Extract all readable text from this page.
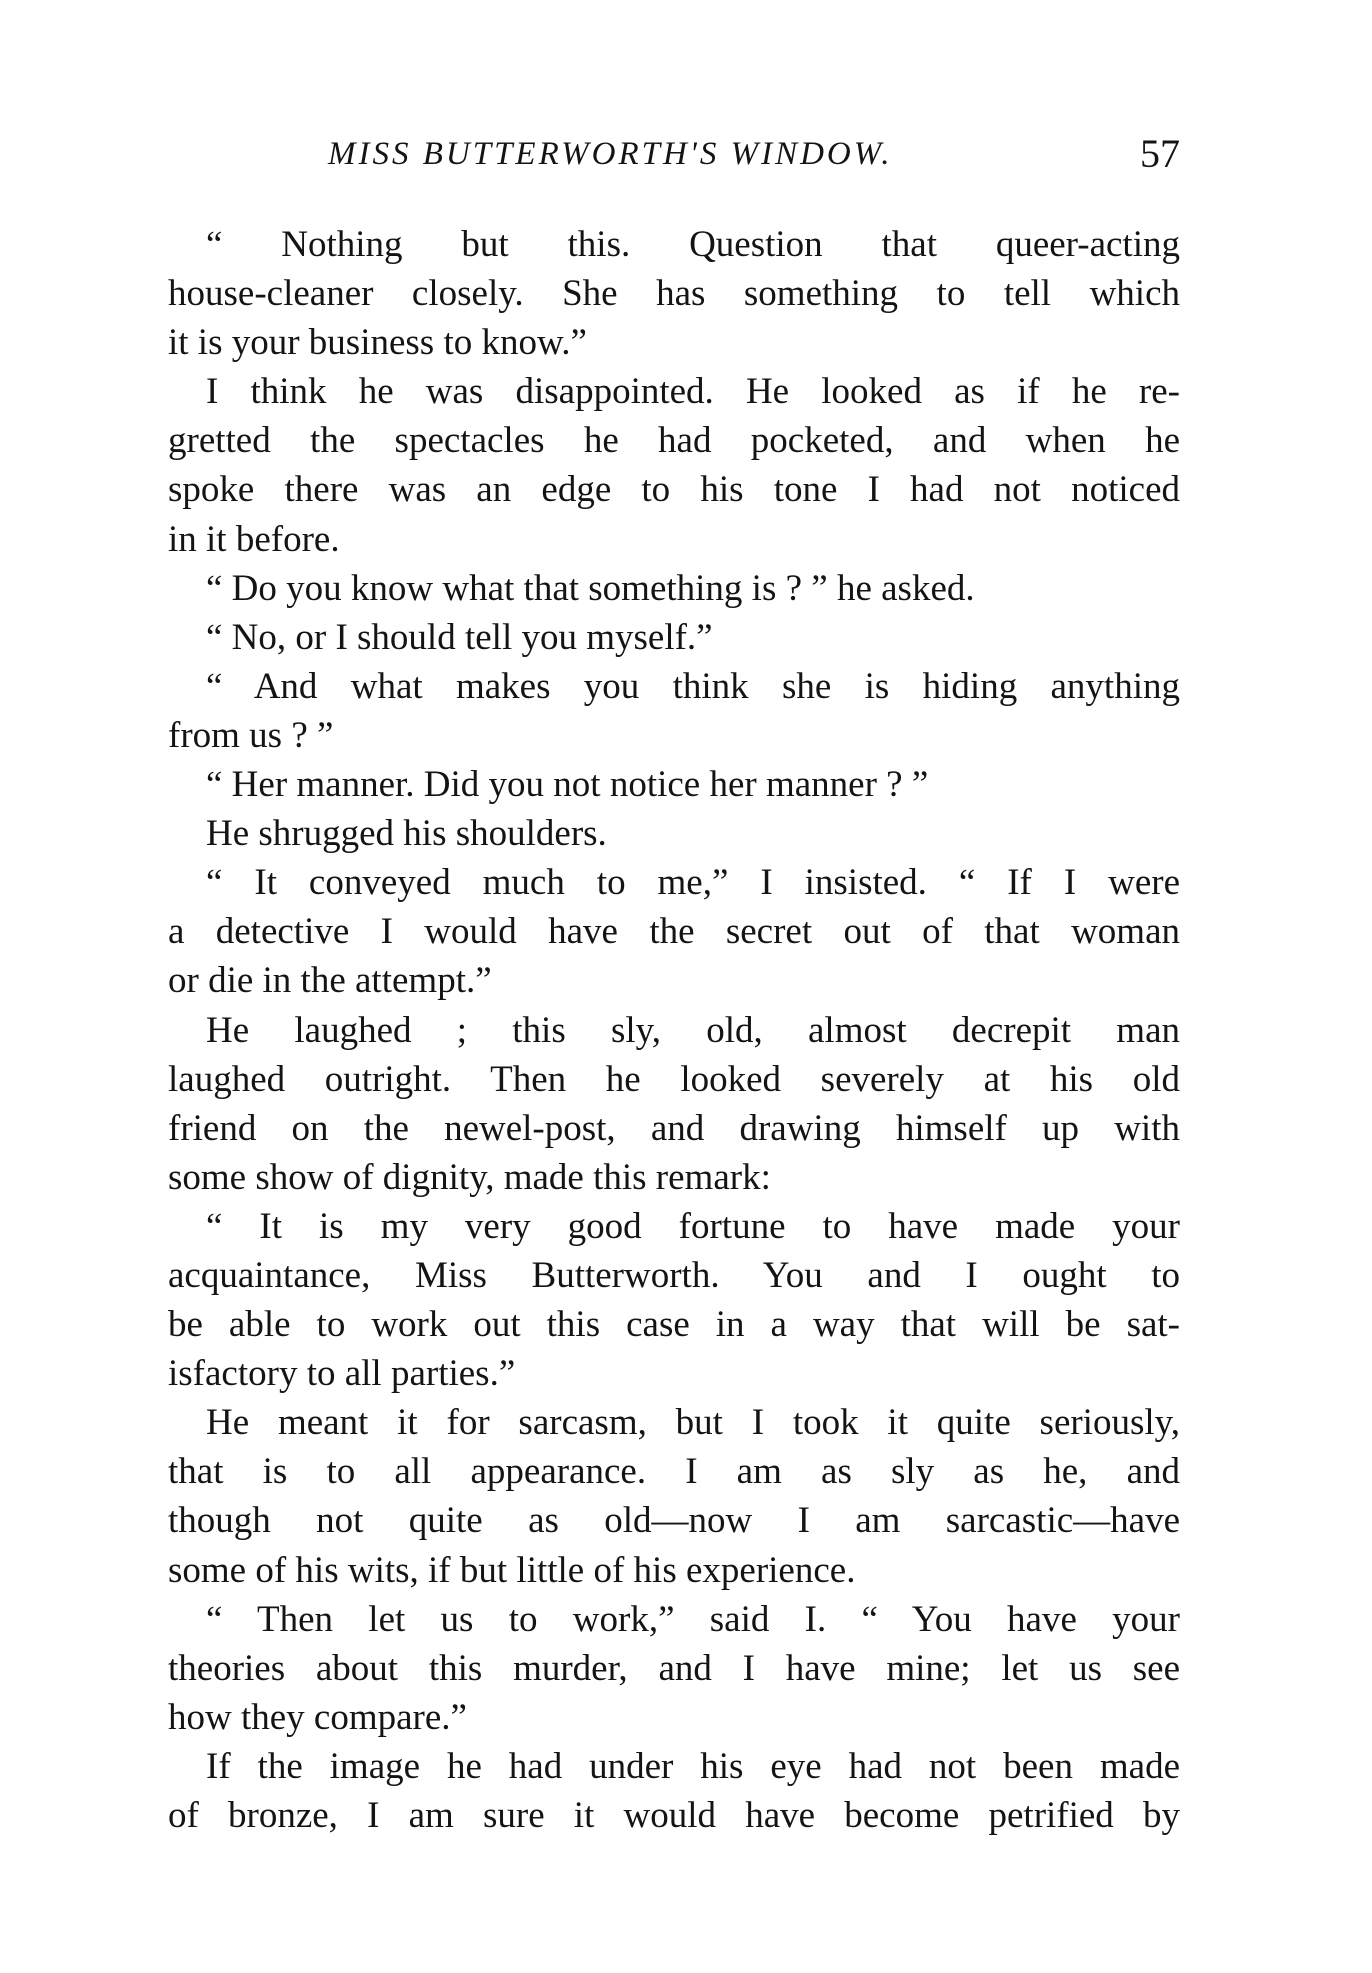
MISS BUTTERWORTH'S WINDOW.	57
“ Nothing but this. Question that queer-acting
house-cleaner closely. She has something to tell which
it is your business to know.”
I think he was disappointed. He looked as if he re-
gretted the spectacles he had pocketed, and when he
spoke there was an edge to his tone I had not noticed
in it before.
“ Do you know what that something is ? ” he asked.
“ No, or I should tell you myself.”
“ And what makes you think she is hiding anything
from us ? ”
“ Her manner. Did you not notice her manner ? ”
He shrugged his shoulders.
“ It conveyed much to me,” I insisted. “ If I were
a detective I would have the secret out of that woman
or die in the attempt.”
He laughed ; this sly, old, almost decrepit man
laughed outright. Then he looked severely at his old
friend on the newel-post, and drawing himself up with
some show of dignity, made this remark:
“ It is my very good fortune to have made your
acquaintance, Miss Butterworth. You and I ought to
be able to work out this case in a way that will be sat-
isfactory to all parties.”
He meant it for sarcasm, but I took it quite seriously,
that is to all appearance. I am as sly as he, and
though not quite as old—now I am sarcastic—have
some of his wits, if but little of his experience.
“ Then let us to work,” said I. “ You have your
theories about this murder, and I have mine; let us see
how they compare.”
If the image he had under his eye had not been made
of bronze, I am sure it would have become petrified by
